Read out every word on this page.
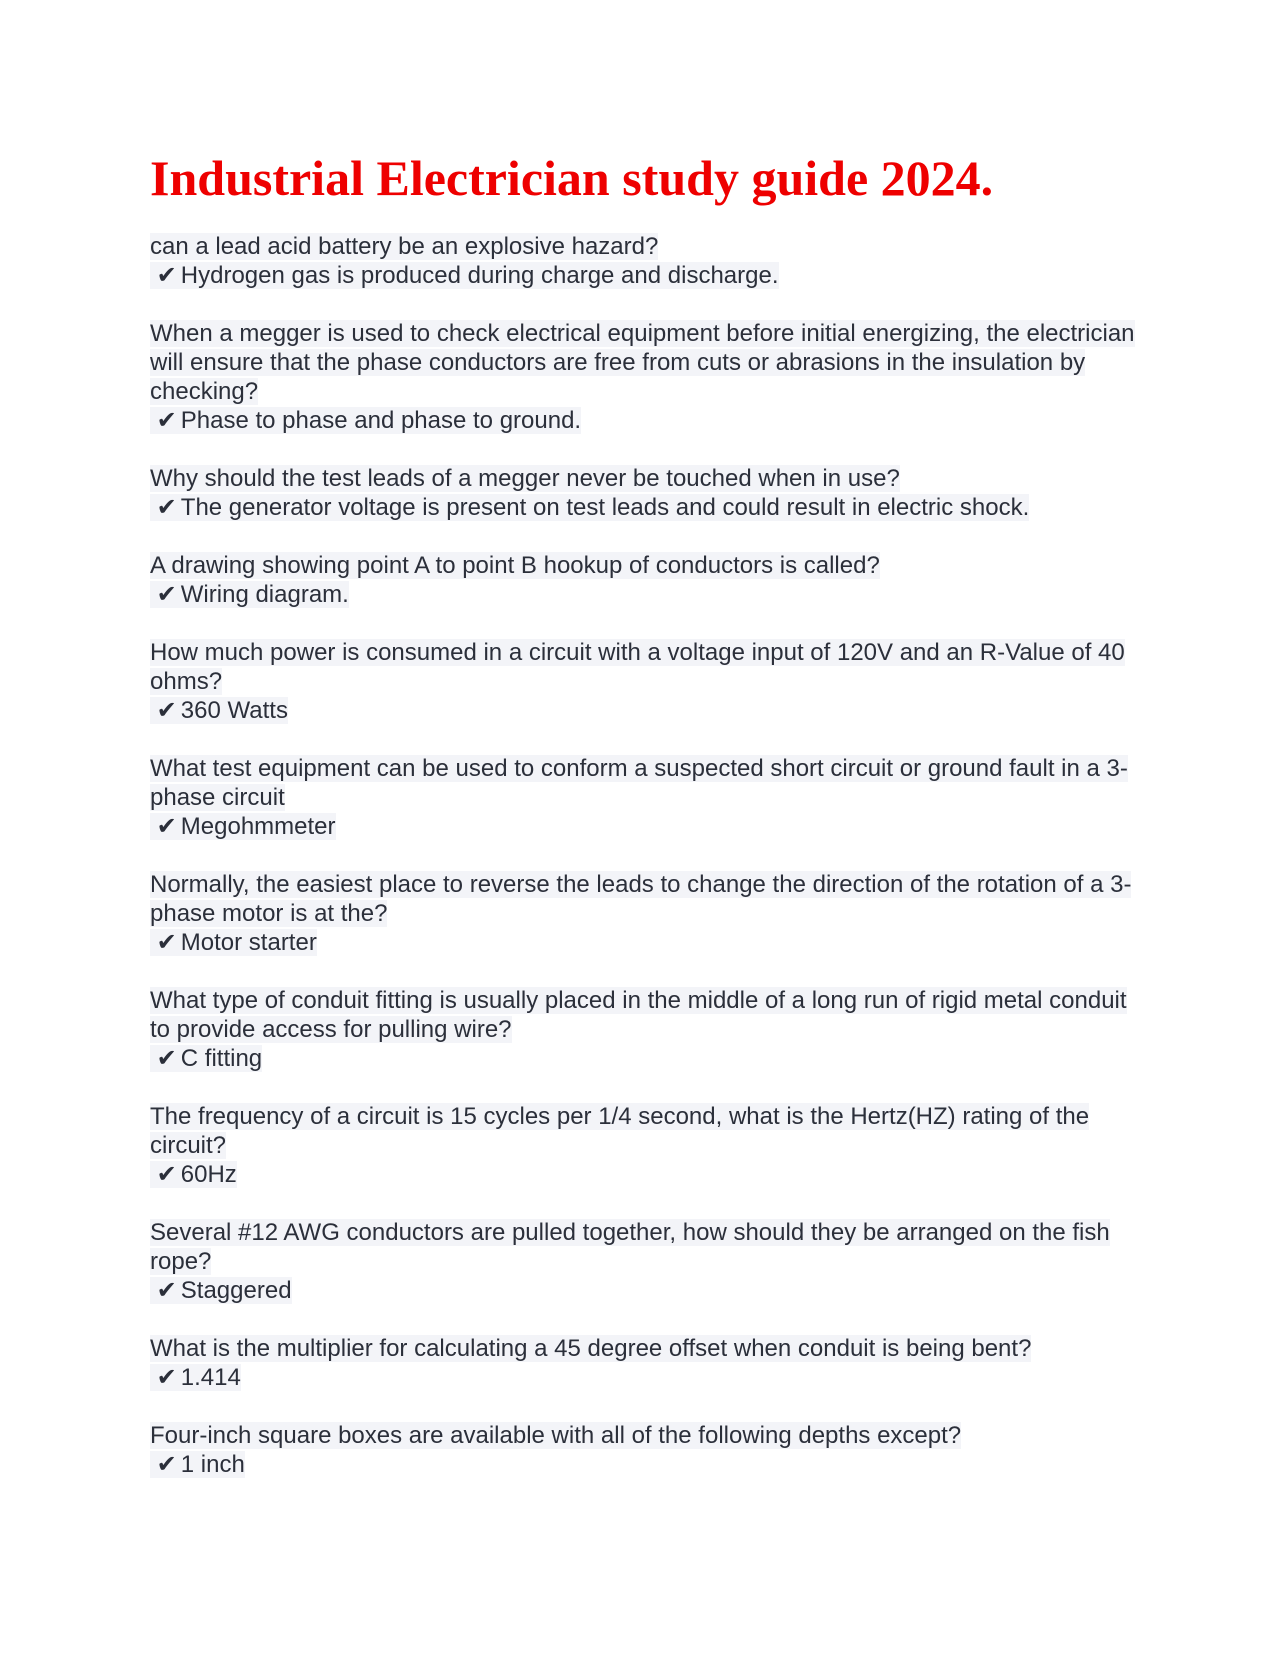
Industrial Electrician study guide 2024.
can a lead acid battery be an explosive hazard?
✔ Hydrogen gas is produced during charge and discharge.
When a megger is used to check electrical equipment before initial energizing, the electrician will ensure that the phase conductors are free from cuts or abrasions in the insulation by checking?
✔ Phase to phase and phase to ground.
Why should the test leads of a megger never be touched when in use?
✔ The generator voltage is present on test leads and could result in electric shock.
A drawing showing point A to point B hookup of conductors is called?
✔ Wiring diagram.
How much power is consumed in a circuit with a voltage input of 120V and an R-Value of 40 ohms?
✔ 360 Watts
What test equipment can be used to conform a suspected short circuit or ground fault in a 3-phase circuit
✔ Megohmmeter
Normally, the easiest place to reverse the leads to change the direction of the rotation of a 3-phase motor is at the?
✔ Motor starter
What type of conduit fitting is usually placed in the middle of a long run of rigid metal conduit to provide access for pulling wire?
✔ C fitting
The frequency of a circuit is 15 cycles per 1/4 second, what is the Hertz(HZ) rating of the circuit?
✔ 60Hz
Several #12 AWG conductors are pulled together, how should they be arranged on the fish rope?
✔ Staggered
What is the multiplier for calculating a 45 degree offset when conduit is being bent?
✔ 1.414
Four-inch square boxes are available with all of the following depths except?
✔ 1 inch
